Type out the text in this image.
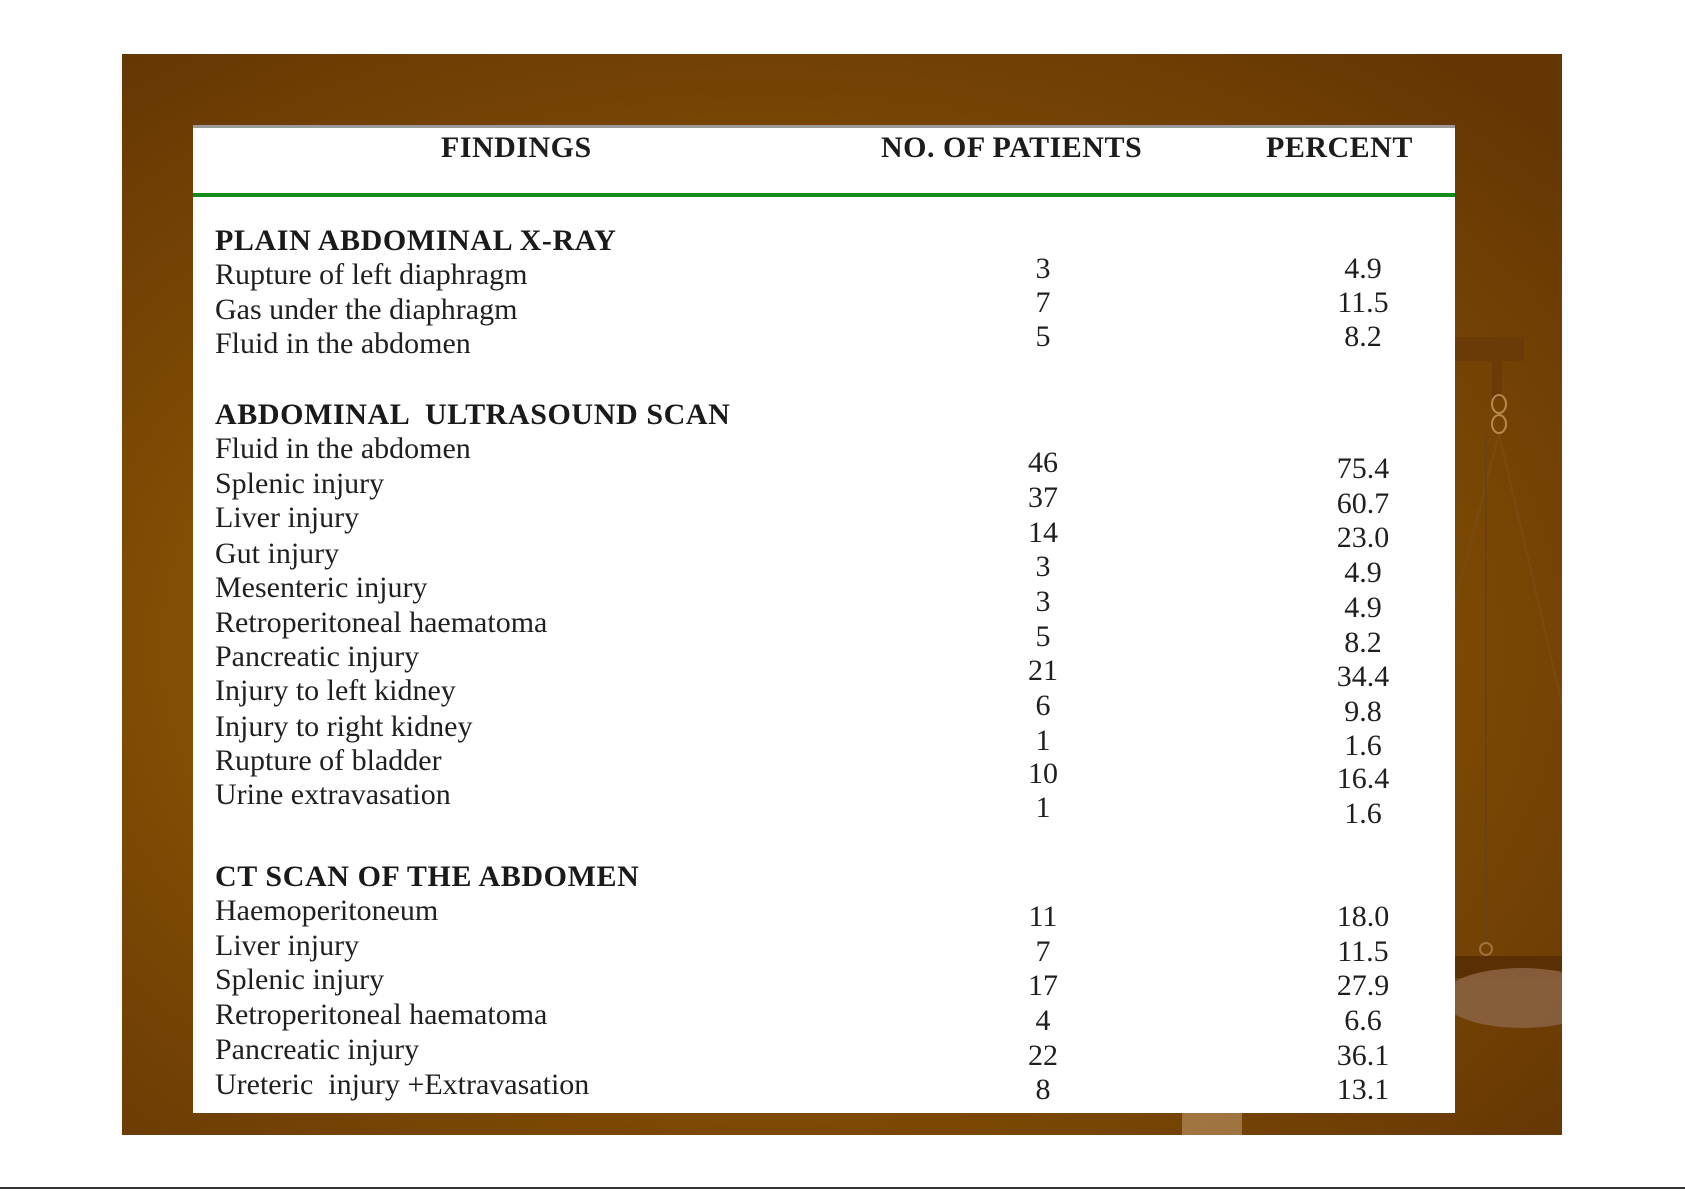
FINDINGS	NO. OF PATIENTS	PERCENT
PLAIN ABDOMINAL X-RAY
Rupture of left diaphragm	3	4.9
Gas under the diaphragm	7	11.5
Fluid in the abdomen	5	8.2
ABDOMINAL  ULTRASOUND SCAN
Fluid in the abdomen	46	75.4
Splenic injury	37	60.7
Liver injury	14	23.0
Gut injury	3	4.9
Mesenteric injury	3	4.9
Retroperitoneal haematoma	5	8.2
Pancreatic injury	21	34.4
Injury to left kidney	6	9.8
Injury to right kidney	1	1.6
Rupture of bladder	10	16.4
Urine extravasation	1	1.6
CT SCAN OF THE ABDOMEN
Haemoperitoneum	11	18.0
Liver injury	7	11.5
Splenic injury	17	27.9
Retroperitoneal haematoma	4	6.6
Pancreatic injury	22	36.1
Ureteric  injury +Extravasation	8	13.1
